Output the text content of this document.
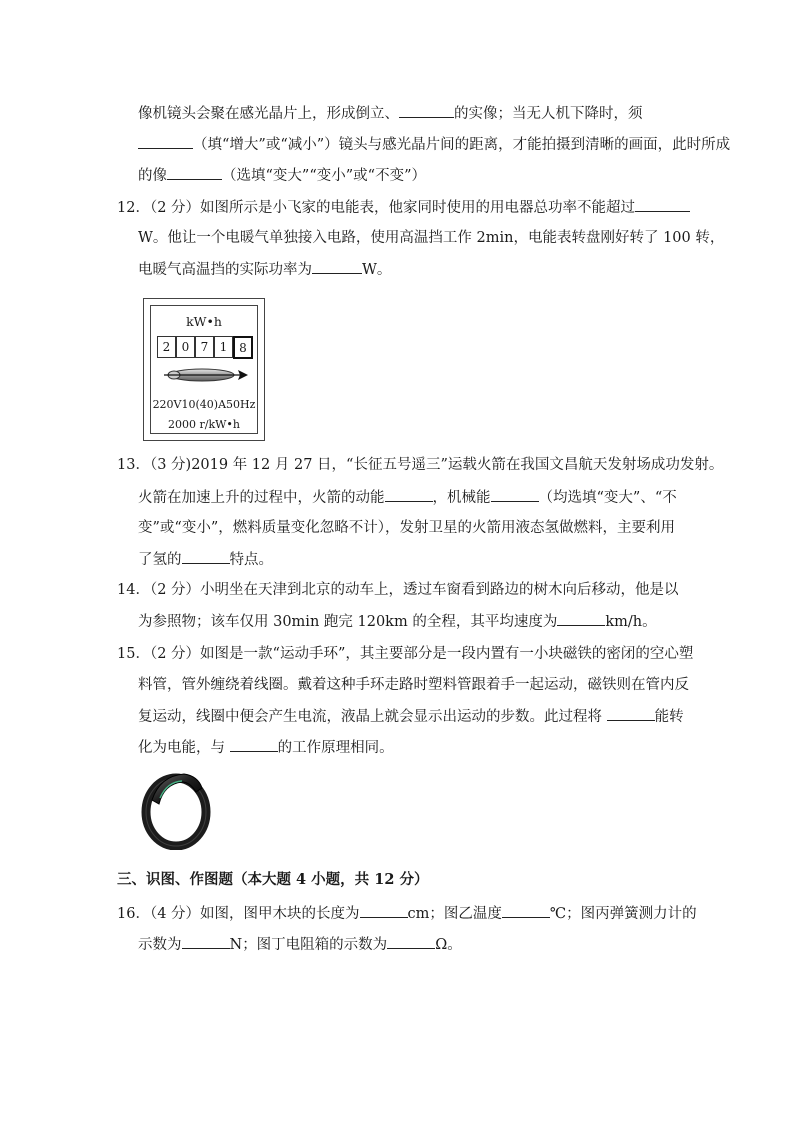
像机镜头会聚在感光晶片上，形成倒立、	的实像；当无人机下降时，须
（填“增大”或“减小”）镜头与感光晶片间的距离，才能拍摄到清晰的画面，此时所成
的像	（选填“变大”“变小”或“不变”）
12．（2 分）如图所示是小飞家的电能表，他家同时使用的用电器总功率不能超过
W。他让一个电暖气单独接入电路，使用高温挡工作 2min，电能表转盘刚好转了 100 转，
电暖气高温挡的实际功率为	W。
kW•h
2 0 7 1 8
220V10(40)A50Hz
2000 r/kW•h
13．（3 分)2019 年 12 月 27 日，“长征五号遥三”运载火箭在我国文昌航天发射场成功发射。
火箭在加速上升的过程中，火箭的动能	，机械能	（均选填“变大”、“不
变”或“变小”，燃料质量变化忽略不计），发射卫星的火箭用液态氢做燃料，主要利用
了氢的	特点。
14．（2 分）小明坐在天津到北京的动车上，透过车窗看到路边的树木向后移动，他是以
为参照物；该车仅用 30min 跑完 120km 的全程，其平均速度为	km/h。
15．（2 分）如图是一款“运动手环”，其主要部分是一段内置有一小块磁铁的密闭的空心塑
料管，管外缠绕着线圈。戴着这种手环走路时塑料管跟着手一起运动，磁铁则在管内反
复运动，线圈中便会产生电流，液晶上就会显示出运动的步数。此过程将	能转
化为电能，与	的工作原理相同。
三、识图、作图题（本大题 4 小题，共 12 分）
16．（4 分）如图，图甲木块的长度为	cm；图乙温度	℃；图丙弹簧测力计的
示数为	N；图丁电阻箱的示数为	Ω。
